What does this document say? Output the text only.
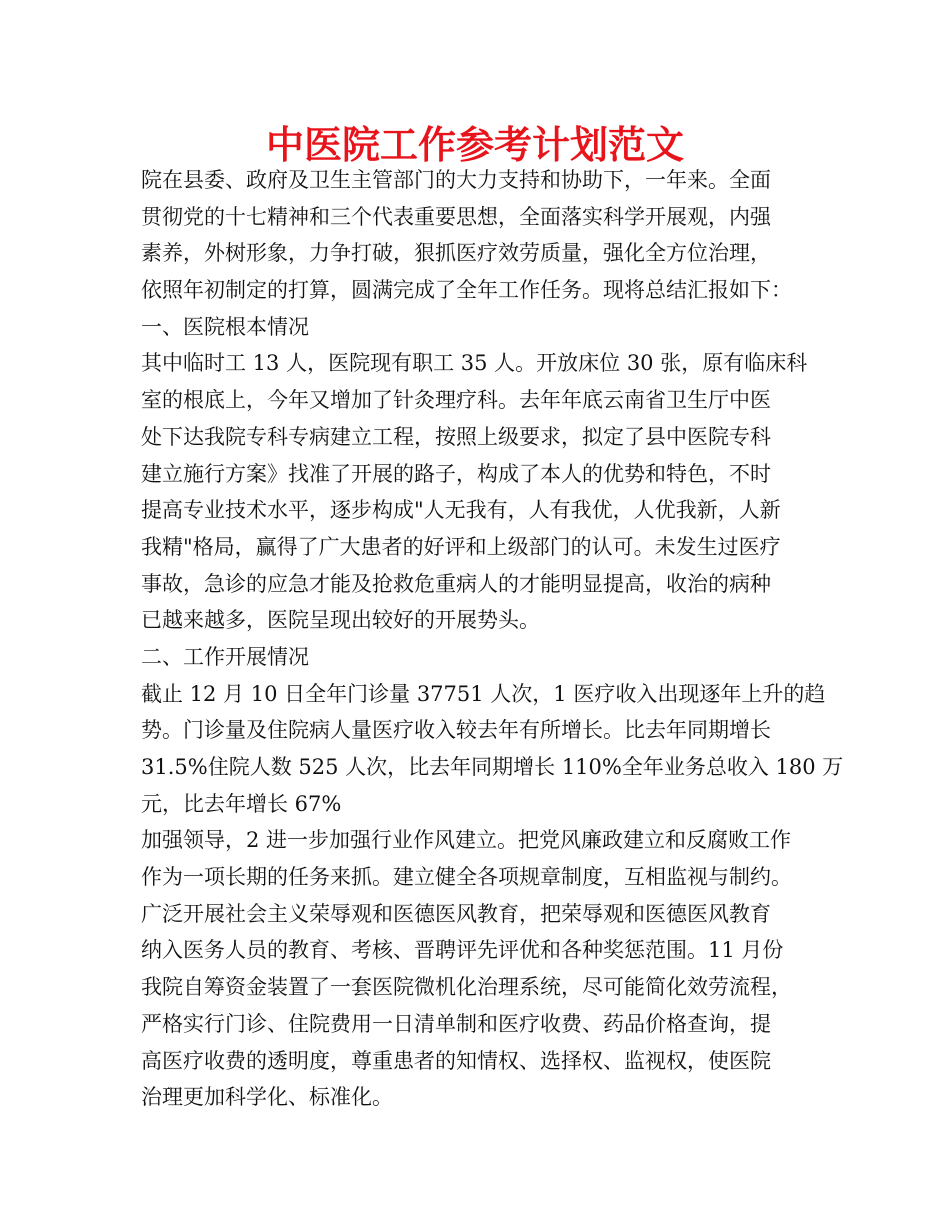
中医院工作参考计划范文

院在县委、政府及卫生主管部门的大力支持和协助下，一年来。全面

贯彻党的十七精神和三个代表重要思想，全面落实科学开展观，内强

素养，外树形象，力争打破，狠抓医疗效劳质量，强化全方位治理，

依照年初制定的打算，圆满完成了全年工作任务。现将总结汇报如下：

一、医院根本情况

其中临时工 13 人，医院现有职工 35 人。开放床位 30 张，原有临床科

室的根底上，今年又增加了针灸理疗科。去年年底云南省卫生厅中医

处下达我院专科专病建立工程，按照上级要求，拟定了县中医院专科

建立施行方案》找准了开展的路子，构成了本人的优势和特色，不时

提高专业技术水平，逐步构成"人无我有，人有我优，人优我新，人新

我精"格局，赢得了广大患者的好评和上级部门的认可。未发生过医疗

事故，急诊的应急才能及抢救危重病人的才能明显提高，收治的病种

已越来越多，医院呈现出较好的开展势头。

二、工作开展情况

截止 12 月 10 日全年门诊量 37751 人次，1 医疗收入出现逐年上升的趋

势。门诊量及住院病人量医疗收入较去年有所增长。比去年同期增长

31.5%住院人数 525 人次，比去年同期增长 110%全年业务总收入 180 万

元，比去年增长 67%

加强领导，2 进一步加强行业作风建立。把党风廉政建立和反腐败工作

作为一项长期的任务来抓。建立健全各项规章制度，互相监视与制约。

广泛开展社会主义荣辱观和医德医风教育，把荣辱观和医德医风教育

纳入医务人员的教育、考核、晋聘评先评优和各种奖惩范围。11 月份

我院自筹资金装置了一套医院微机化治理系统，尽可能简化效劳流程，

严格实行门诊、住院费用一日清单制和医疗收费、药品价格查询，提

高医疗收费的透明度，尊重患者的知情权、选择权、监视权，使医院

治理更加科学化、标准化。
